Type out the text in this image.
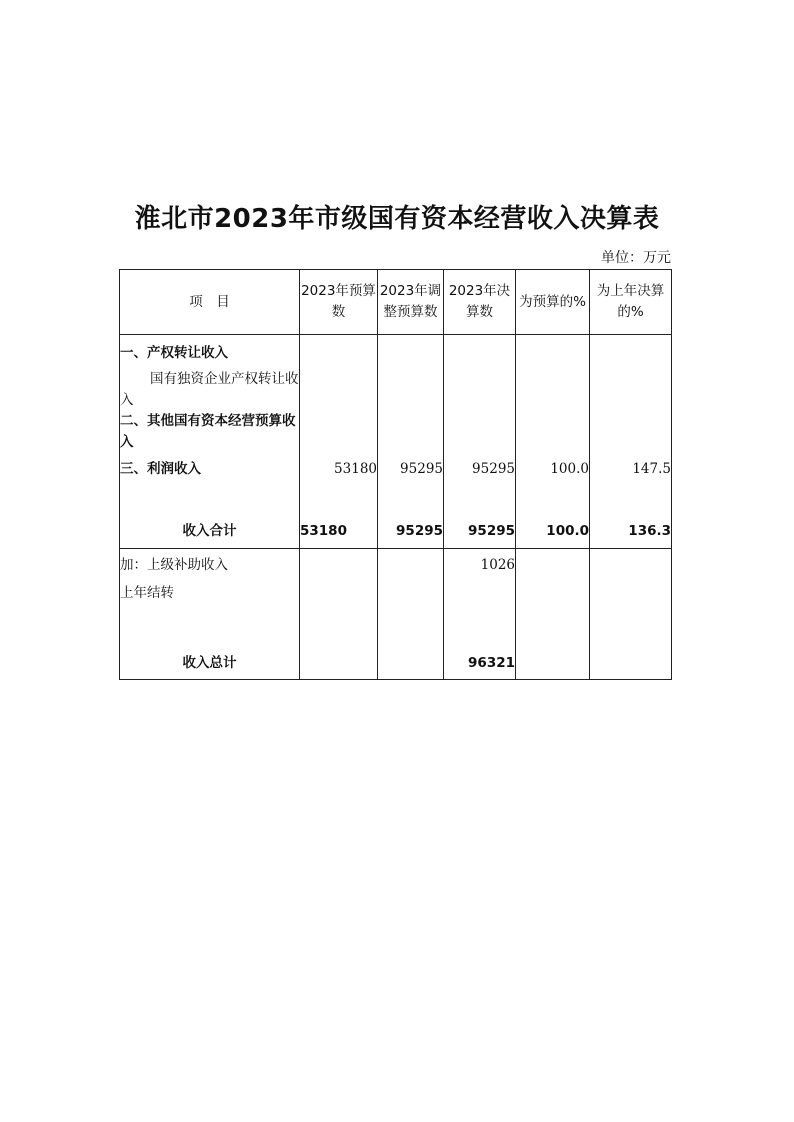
淮北市2023年市级国有资本经营收入决算表
单位：万元
项　目	2023年预算数	2023年调整预算数	2023年决算数	为预算的%	为上年决算的%
一、产权转让收入					

国有独资企业产权转让收入					

二、其他国有资本经营预算收入					
三、利润收入	53180	95295	95295	100.0	147.5
收入合计	53180	95295	95295	100.0	136.3
加：上级补助收入			1026		
上年结转					
收入总计			96321		
